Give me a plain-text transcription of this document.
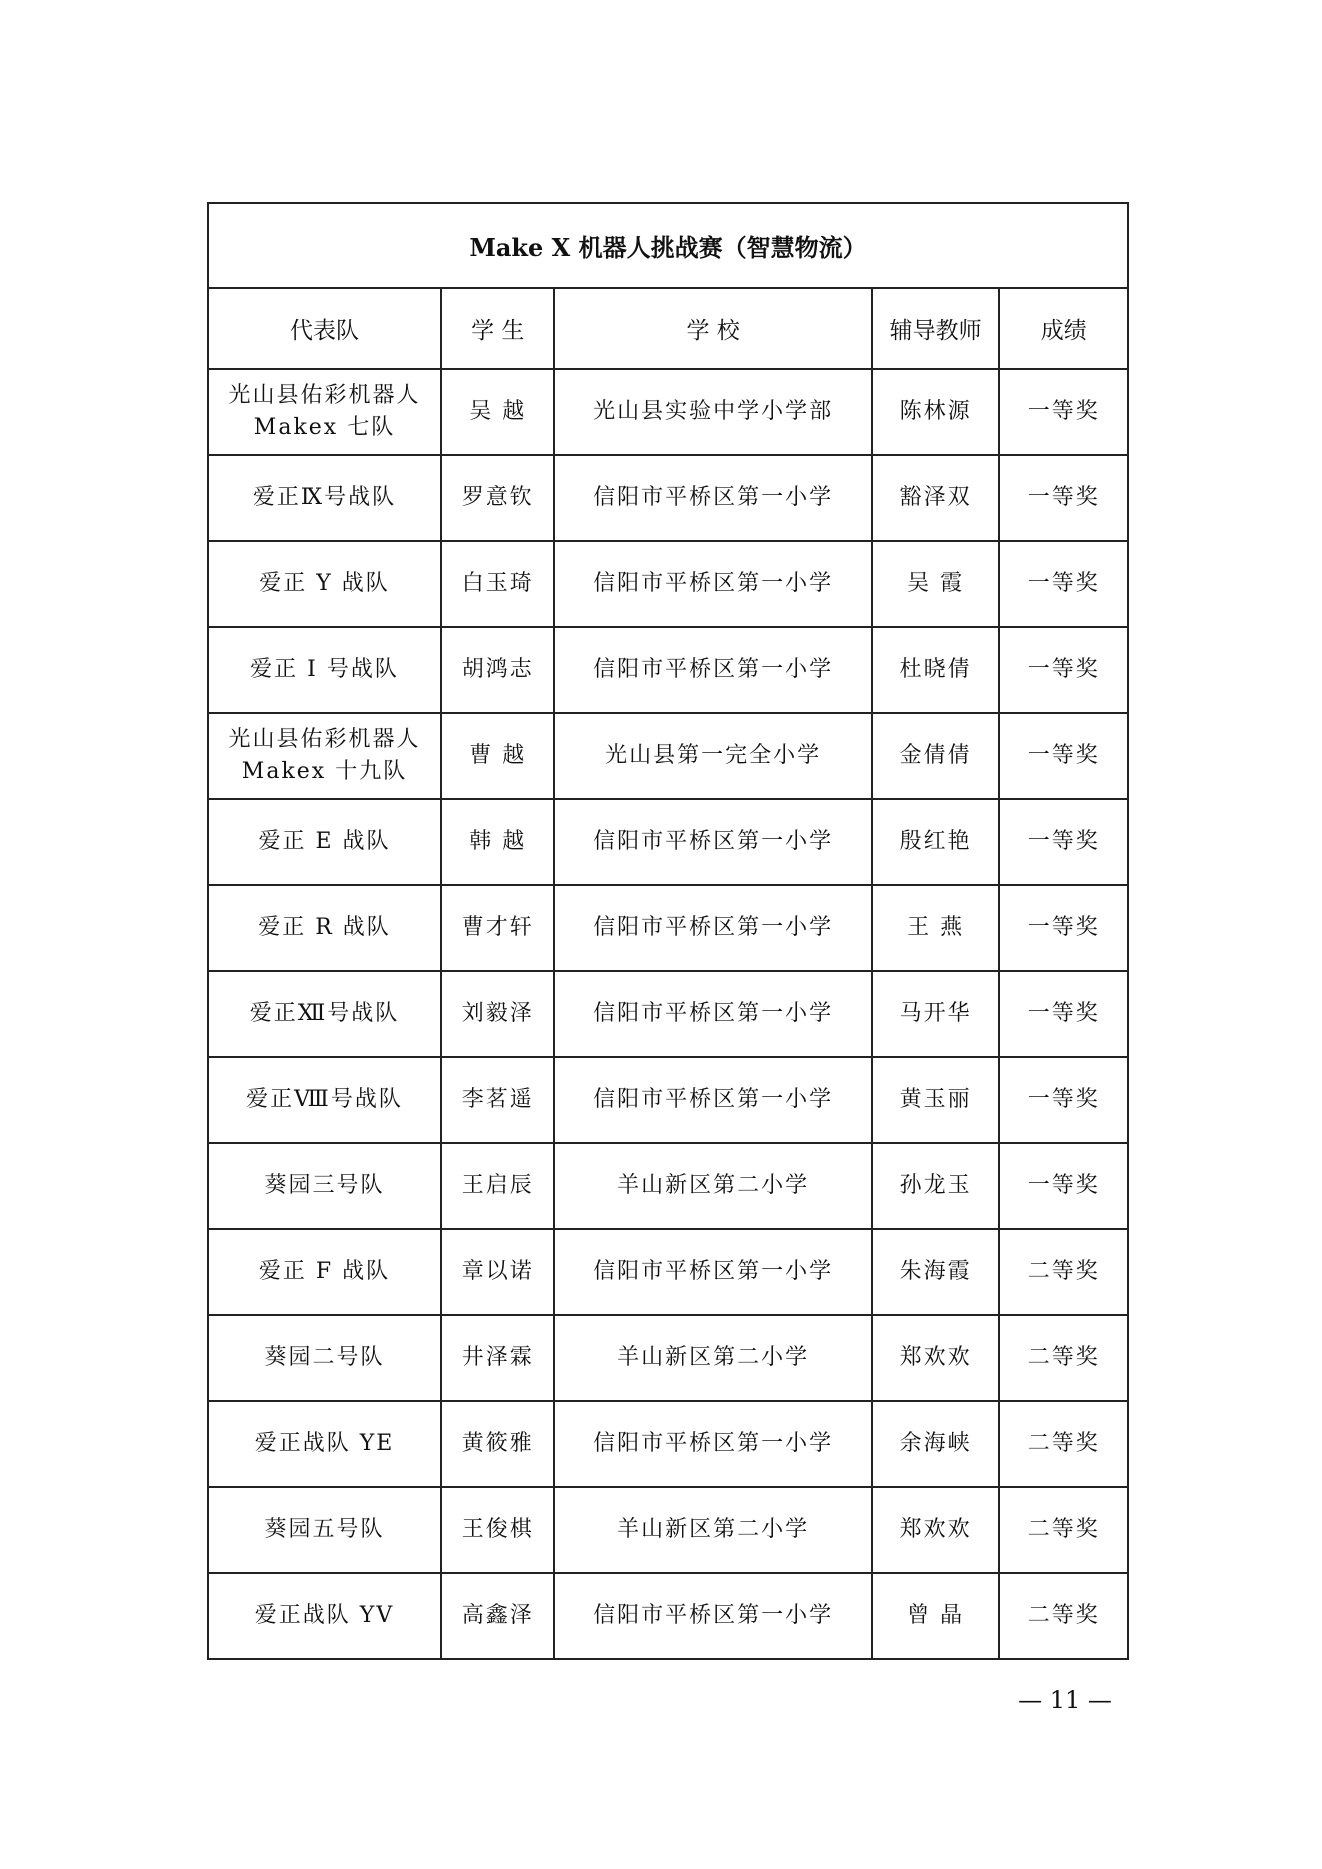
Make X 机器人挑战赛（智慧物流）				
代表队	学 生	学 校	辅导教师	成绩
光山县佑彩机器人 Makex 七队	吴 越	光山县实验中学小学部	陈林源	一等奖
爱正Ⅸ号战队	罗意钦	信阳市平桥区第一小学	豁泽双	一等奖
爱正 Y 战队	白玉琦	信阳市平桥区第一小学	吴 霞	一等奖
爱正 I 号战队	胡鸿志	信阳市平桥区第一小学	杜晓倩	一等奖
光山县佑彩机器人 Makex 十九队	曹 越	光山县第一完全小学	金倩倩	一等奖
爱正 E 战队	韩 越	信阳市平桥区第一小学	殷红艳	一等奖
爱正 R 战队	曹才轩	信阳市平桥区第一小学	王 燕	一等奖
爱正Ⅻ号战队	刘毅泽	信阳市平桥区第一小学	马开华	一等奖
爱正Ⅷ号战队	李茗遥	信阳市平桥区第一小学	黄玉丽	一等奖
葵园三号队	王启辰	羊山新区第二小学	孙龙玉	一等奖
爱正 F 战队	章以诺	信阳市平桥区第一小学	朱海霞	二等奖
葵园二号队	井泽霖	羊山新区第二小学	郑欢欢	二等奖
爱正战队 YE	黄筱雅	信阳市平桥区第一小学	余海峡	二等奖
葵园五号队	王俊棋	羊山新区第二小学	郑欢欢	二等奖
爱正战队 YV	高鑫泽	信阳市平桥区第一小学	曾 晶	二等奖
— 11 —
